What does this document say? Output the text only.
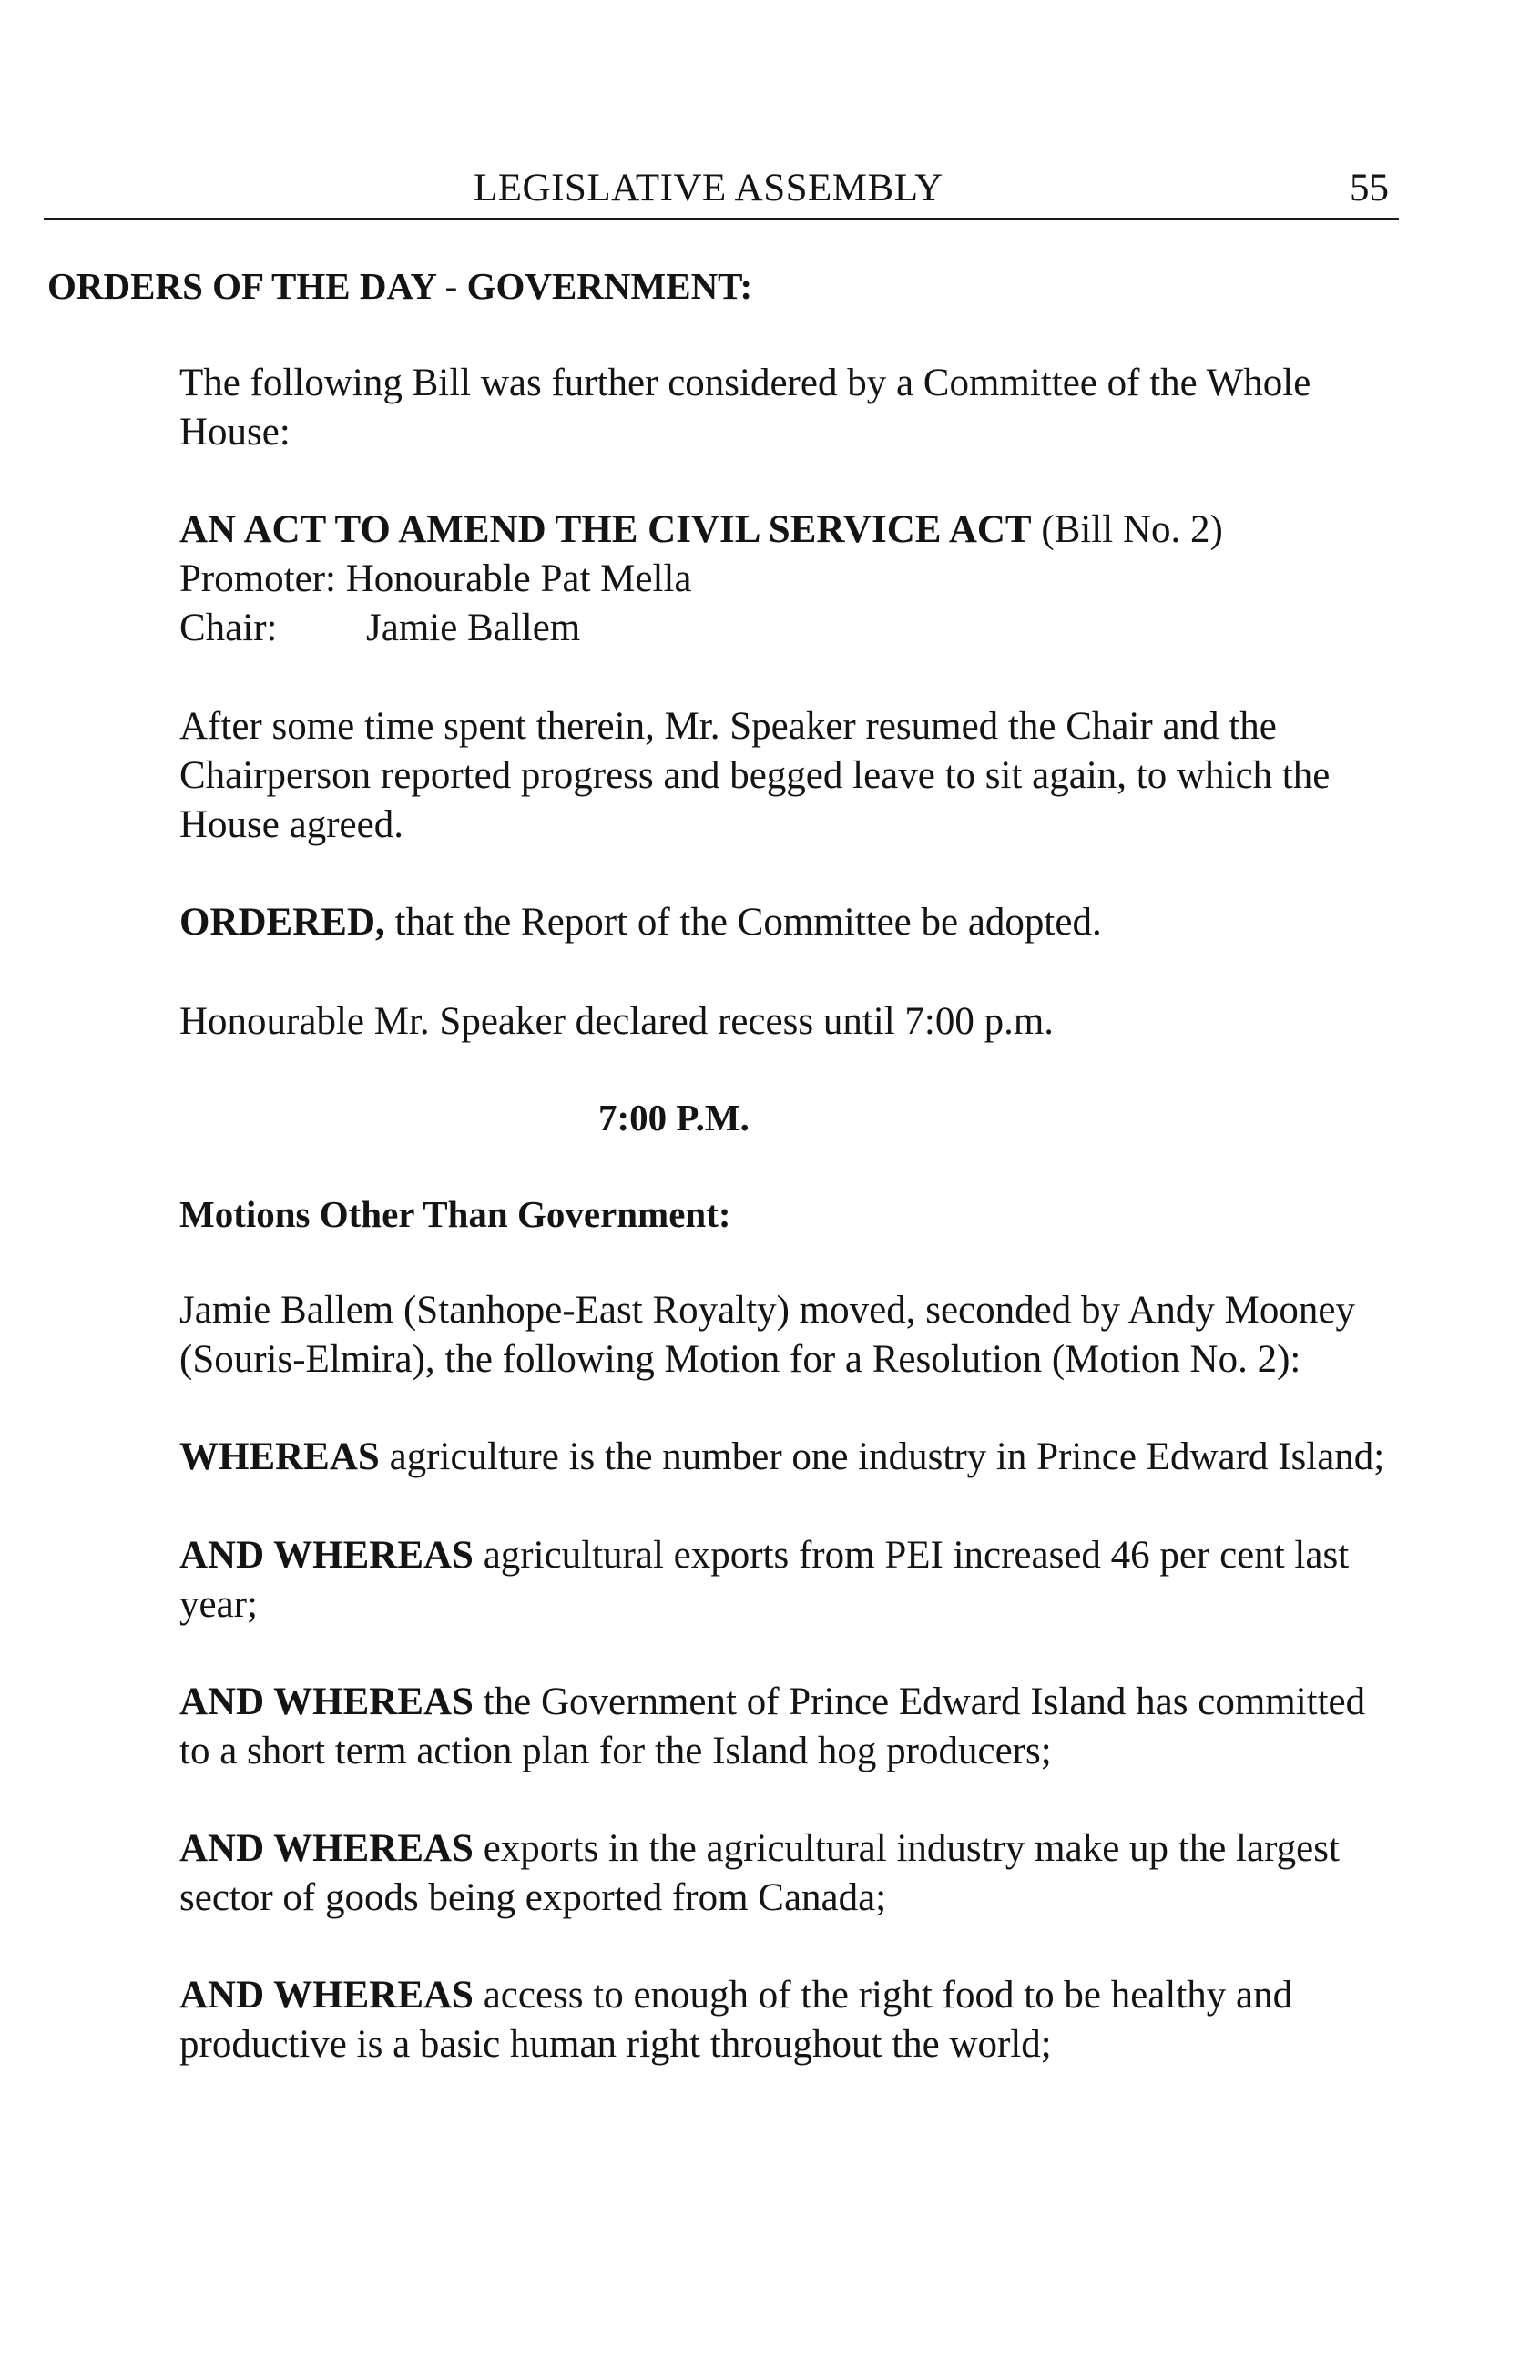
LEGISLATIVE ASSEMBLY	55
ORDERS OF THE DAY - GOVERNMENT:
The following Bill was further considered by a Committee of the Whole
House:
AN ACT TO AMEND THE CIVIL SERVICE ACT (Bill No. 2)
Promoter: Honourable Pat Mella
Chair: Jamie Ballem
After some time spent therein, Mr. Speaker resumed the Chair and the
Chairperson reported progress and begged leave to sit again, to which the
House agreed.
ORDERED, that the Report of the Committee be adopted.
Honourable Mr. Speaker declared recess until 7:00 p.m.
7:00 P.M.
Motions Other Than Government:
Jamie Ballem (Stanhope-East Royalty) moved, seconded by Andy Mooney
(Souris-Elmira), the following Motion for a Resolution (Motion No. 2):
WHEREAS agriculture is the number one industry in Prince Edward Island;
AND WHEREAS agricultural exports from PEI increased 46 per cent last
year;
AND WHEREAS the Government of Prince Edward Island has committed
to a short term action plan for the Island hog producers;
AND WHEREAS exports in the agricultural industry make up the largest
sector of goods being exported from Canada;
AND WHEREAS access to enough of the right food to be healthy and
productive is a basic human right throughout the world;
